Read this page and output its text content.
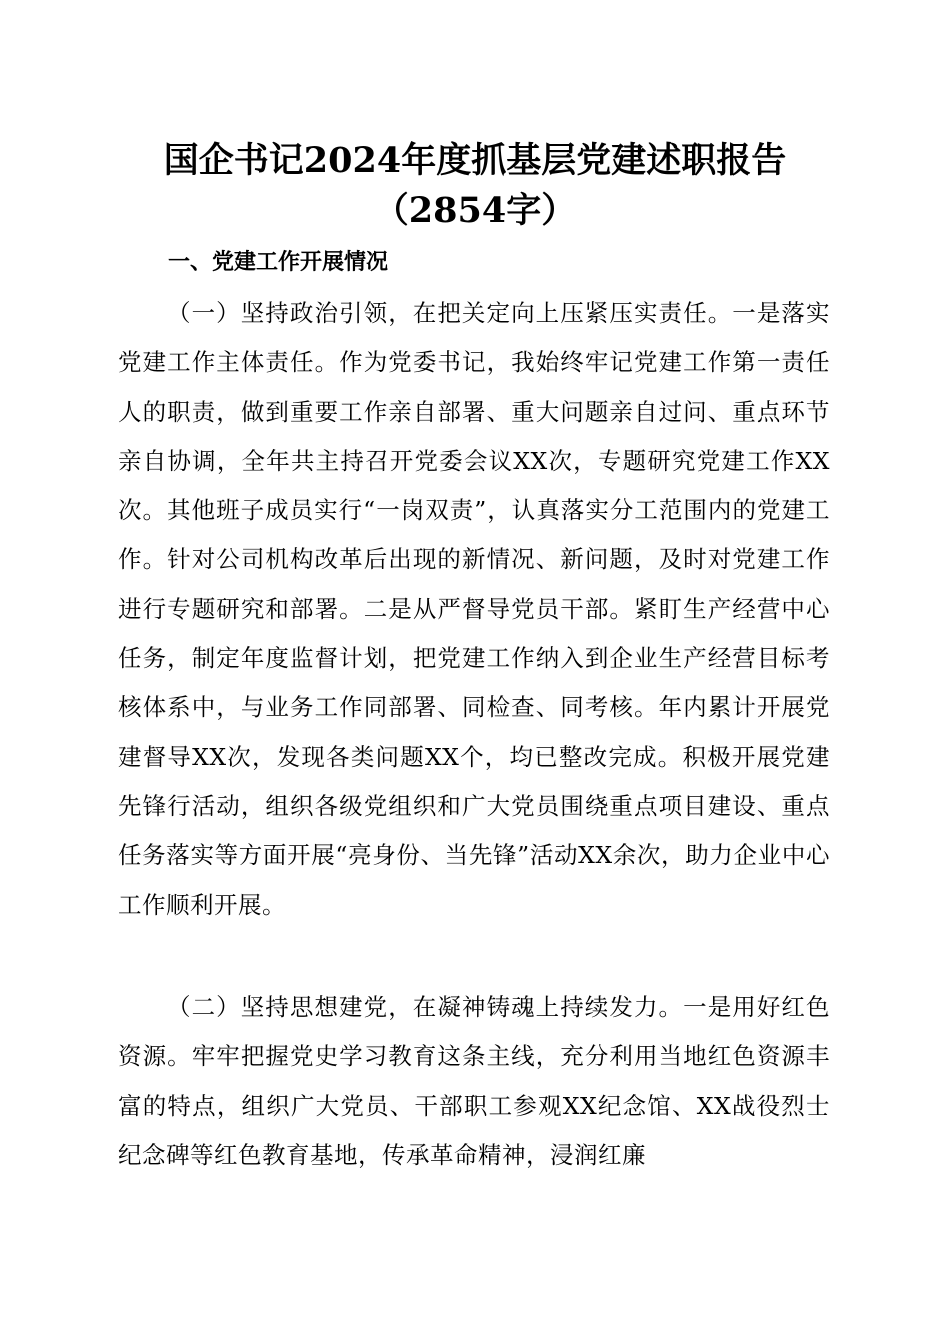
国企书记2024年度抓基层党建述职报告
（2854字）
一、党建工作开展情况

（一）坚持政治引领，在把关定向上压紧压实责任。一是落实党建工作主体责任。作为党委书记，我始终牢记党建工作第一责任人的职责，做到重要工作亲自部署、重大问题亲自过问、重点环节亲自协调，全年共主持召开党委会议XX次，专题研究党建工作XX次。其他班子成员实行“一岗双责”，认真落实分工范围内的党建工作。针对公司机构改革后出现的新情况、新问题，及时对党建工作进行专题研究和部署。二是从严督导党员干部。紧盯生产经营中心任务，制定年度监督计划，把党建工作纳入到企业生产经营目标考核体系中，与业务工作同部署、同检查、同考核。年内累计开展党建督导XX次，发现各类问题XX个，均已整改完成。积极开展党建先锋行活动，组织各级党组织和广大党员围绕重点项目建设、重点任务落实等方面开展“亮身份、当先锋”活动XX余次，助力企业中心工作顺利开展。

（二）坚持思想建党，在凝神铸魂上持续发力。一是用好红色资源。牢牢把握党史学习教育这条主线，充分利用当地红色资源丰富的特点，组织广大党员、干部职工参观XX纪念馆、XX战役烈士纪念碑等红色教育基地，传承革命精神，浸润红廉
